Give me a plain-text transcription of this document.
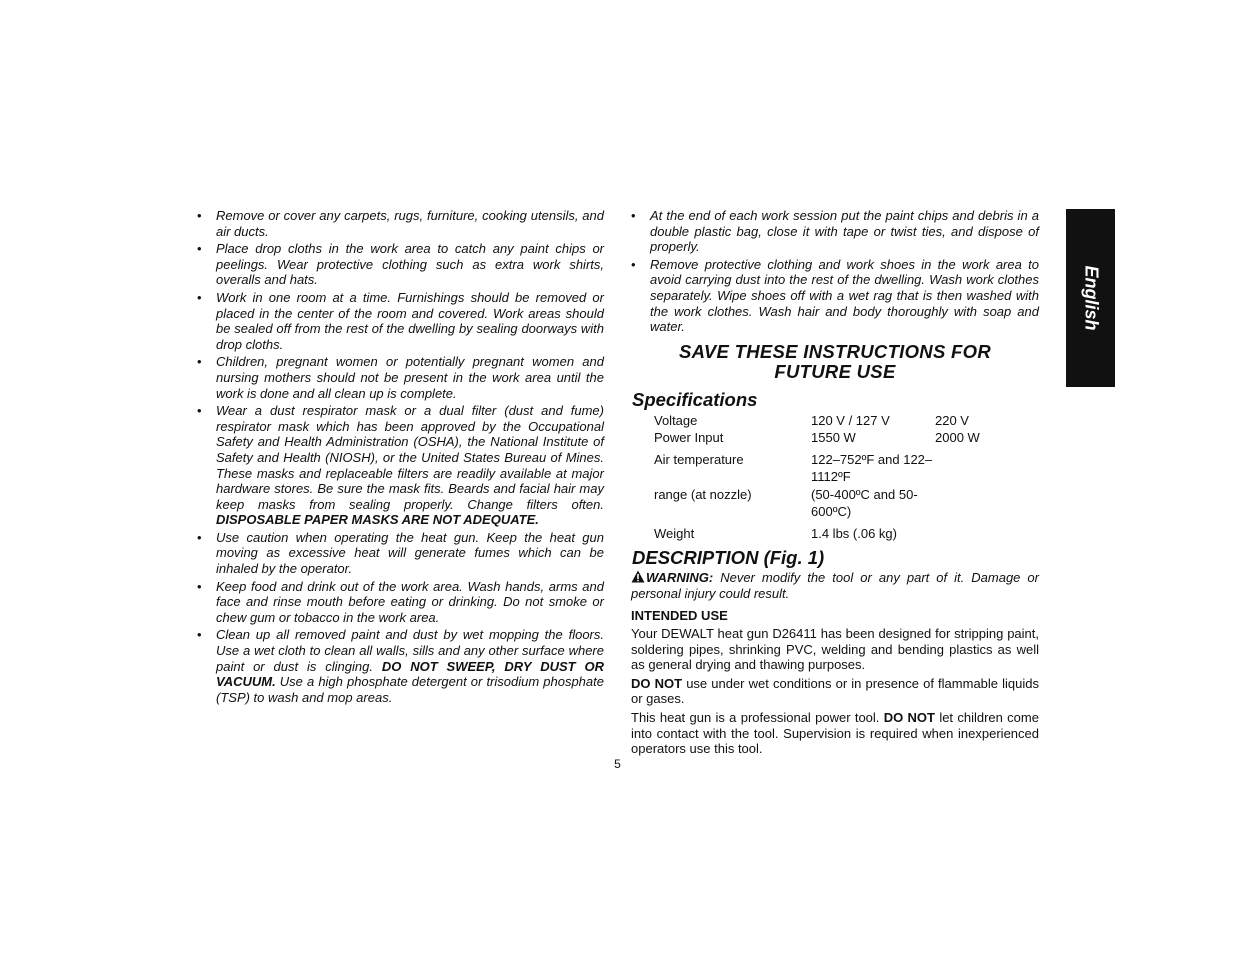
• Remove or cover any carpets, rugs, furniture, cooking utensils, and air ducts.
• Place drop cloths in the work area to catch any paint chips or peelings. Wear protective clothing such as extra work shirts, overalls and hats.
• Work in one room at a time. Furnishings should be removed or placed in the center of the room and covered. Work areas should be sealed off from the rest of the dwelling by sealing doorways with drop cloths.
• Children, pregnant women or potentially pregnant women and nursing mothers should not be present in the work area until the work is done and all clean up is complete.
• Wear a dust respirator mask or a dual filter (dust and fume) respirator mask which has been approved by the Occupational Safety and Health Administration (OSHA), the National Institute of Safety and Health (NIOSH), or the United States Bureau of Mines. These masks and replaceable filters are readily available at major hardware stores. Be sure the mask fits. Beards and facial hair may keep masks from sealing properly. Change filters often. DISPOSABLE PAPER MASKS ARE NOT ADEQUATE.
• Use caution when operating the heat gun. Keep the heat gun moving as excessive heat will generate fumes which can be inhaled by the operator.
• Keep food and drink out of the work area. Wash hands, arms and face and rinse mouth before eating or drinking. Do not smoke or chew gum or tobacco in the work area.
• Clean up all removed paint and dust by wet mopping the floors. Use a wet cloth to clean all walls, sills and any other surface where paint or dust is clinging. DO NOT SWEEP, DRY DUST OR VACUUM. Use a high phosphate detergent or trisodium phosphate (TSP) to wash and mop areas.
• At the end of each work session put the paint chips and debris in a double plastic bag, close it with tape or twist ties, and dispose of properly.
• Remove protective clothing and work shoes in the work area to avoid carrying dust into the rest of the dwelling. Wash work clothes separately. Wipe shoes off with a wet rag that is then washed with the work clothes. Wash hair and body thoroughly with soap and water.
SAVE THESE INSTRUCTIONS FOR
FUTURE USE
Specifications
Voltage	120 V / 127 V	220 V
Power Input	1550 W	2000 W
Air temperature	122–752ºF and 122–1112ºF	
range (at nozzle)	(50-400ºC and 50-600ºC)	
Weight	1.4 lbs (.06 kg)	
DESCRIPTION (Fig. 1)
WARNING: Never modify the tool or any part of it. Damage or personal injury could result.
INTENDED USE

Your DEWALT heat gun D26411 has been designed for stripping paint, soldering pipes, shrinking PVC, welding and bending plastics as well as general drying and thawing purposes.

DO NOT use under wet conditions or in presence of flammable liquids or gases.

This heat gun is a professional power tool. DO NOT let children come into contact with the tool. Supervision is required when inexperienced operators use this tool.

English
5
